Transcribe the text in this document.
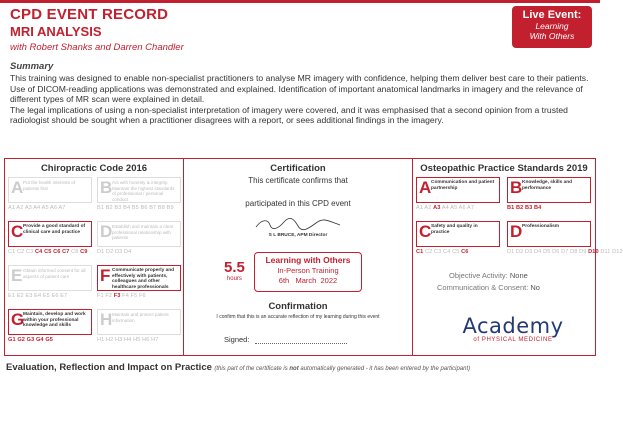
CPD EVENT RECORD
MRI ANALYSIS
with Robert Shanks and Darren Chandler
Live Event:
Learning
With Others
Summary
This training was designed to enable non-specialist practitioners to analyse MR imagery with confidence, helping them deliver best care to their patients. Use of DICOM-reading applications was demonstrated and explained. Identification of important anatomical landmarks in imagery and the relevance of different types of MR scan were explained in detail.
The legal implications of using a non-specialist interpretation of imagery were covered, and it was emphasised that a second opinion from a trusted radiologist should be sought when a practitioner disagrees with a report, or sees additional findings in the imagery.
Chiropractic Code 2016
A Put the health interests of patients first
A1 A2 A3 A4 A5 A6 A7
B Act with honesty & integrity. Maintain the highest standards of professional / personal conduct
B1 B2 B3 B4 B5 B6 B7 B8 B9
C Provide a good standard of clinical care and practice
C1 C2 C3 C4 C5 C6 C7 C8 C9
D Establish and maintain a clear professional relationship with patients
D1 D2 D3 D4
E Obtain informed consent for all aspects of patient care
E1 E2 E3 E4 E5 E6 E7
F Communicate properly and effectively with patients, colleagues and other healthcare professionals
F1 F2 F3 F4 F5 F6
G
Maintain, develop and work within your professional knowledge and skills
G1 G2 G3 G4 G5
H Maintain and protect patient information
H1 H2 H3 H4 H5 H6 H7
Certification
This certificate confirms that
participated in this CPD event
S L BRUCE, APM Director
5.5
hours
Learning with Others
In-Person Training
6th March 2022
Confirmation
I confirm that this is an accurate reflection of my learning during this event
Signed:
Osteopathic Practice Standards 2019
Objective Activity: None
Communication & Consent: No
Academy
of PHYSICAL MEDICINE
A Communication and patient partnership
A1 A2 A3 A4 A5 A6 A7
B Knowledge, skills and performance
B1 B2 B3 B4
C Safety and quality in practice
C1 C2 C3 C4 C5 C6
D Professionalism
D1 D2 D3 D4 D5 D6 D7 D8 D9 D10 D11 D12
Evaluation, Reflection and Impact on Practice (this part of the certificate is not automatically generated - it has been entered by the participant)
